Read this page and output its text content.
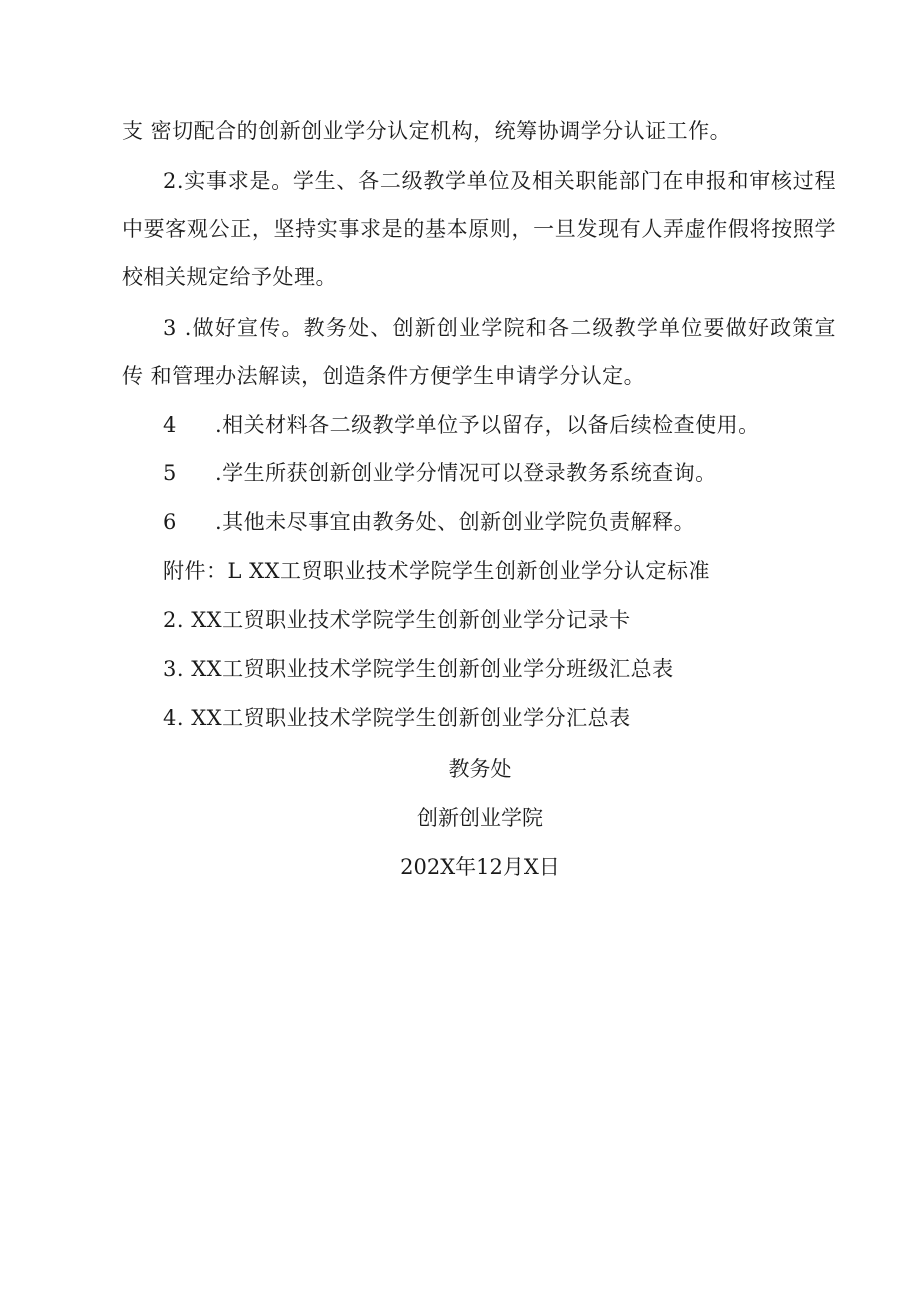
支 密切配合的创新创业学分认定机构，统筹协调学分认证工作。
2.实事求是。学生、各二级教学单位及相关职能部门在申报和审核过程
中要客观公正，坚持实事求是的基本原则，一旦发现有人弄虚作假将按照学
校相关规定给予处理。
3 .做好宣传。教务处、创新创业学院和各二级教学单位要做好政策宣
传 和管理办法解读，创造条件方便学生申请学分认定。
4 .相关材料各二级教学单位予以留存，以备后续检查使用。
5 .学生所获创新创业学分情况可以登录教务系统查询。
6 .其他未尽事宜由教务处、创新创业学院负责解释。
附件：L XX工贸职业技术学院学生创新创业学分认定标准
2. XX工贸职业技术学院学生创新创业学分记录卡
3. XX工贸职业技术学院学生创新创业学分班级汇总表
4. XX工贸职业技术学院学生创新创业学分汇总表
教务处
创新创业学院
202X年12月X日
